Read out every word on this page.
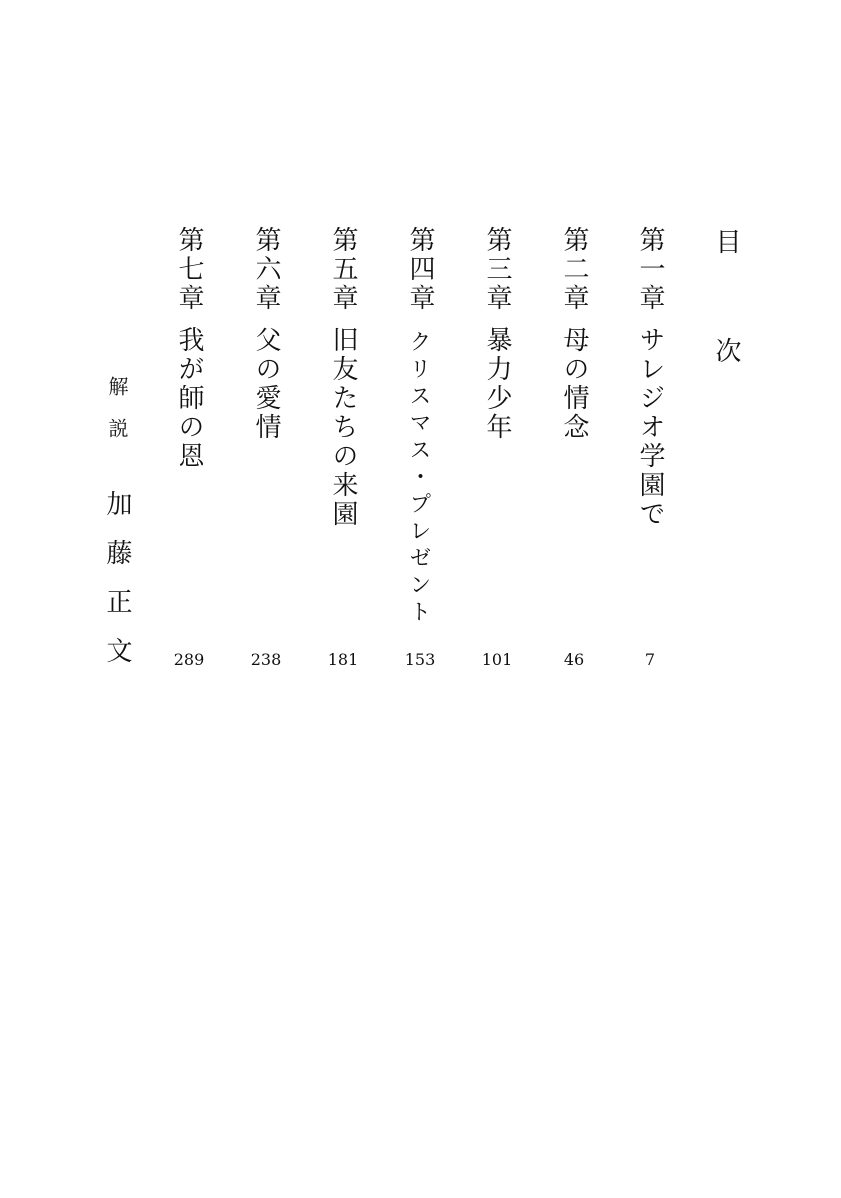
目次
第一章
サレジオ学園で
7
第二章
母の情念
46
第三章
暴力少年
101
第四章
クリスマス・プレゼント
153
第五章
旧友たちの来園
181
第六章
父の愛情
238
第七章
我が師の恩
289
解説
加藤正文
